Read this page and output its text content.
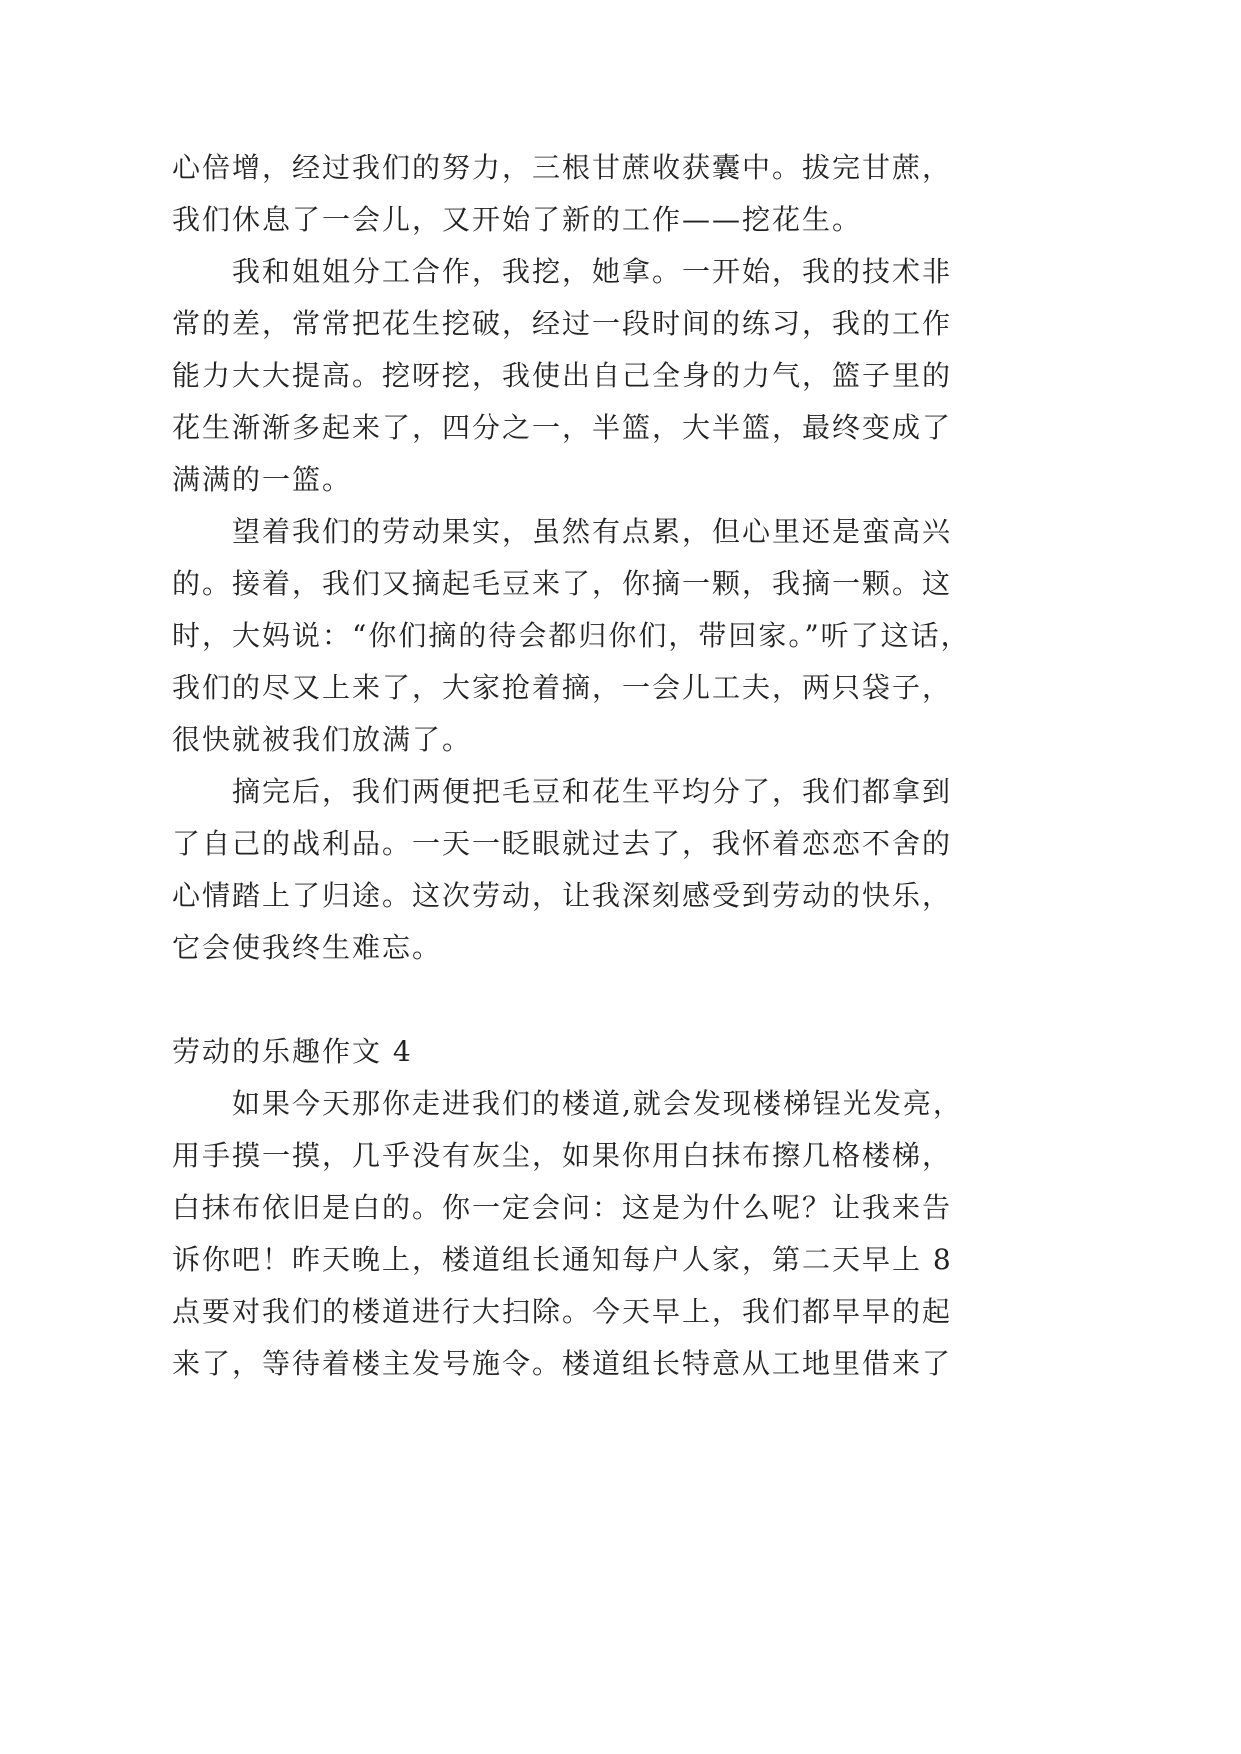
心倍增，经过我们的努力，三根甘蔗收获囊中。拔完甘蔗，
我们休息了一会儿，又开始了新的工作——挖花生。
我和姐姐分工合作，我挖，她拿。一开始，我的技术非
常的差，常常把花生挖破，经过一段时间的练习，我的工作
能力大大提高。挖呀挖，我使出自己全身的力气，篮子里的
花生渐渐多起来了，四分之一，半篮，大半篮，最终变成了
满满的一篮。
望着我们的劳动果实，虽然有点累，但心里还是蛮高兴
的。接着，我们又摘起毛豆来了，你摘一颗，我摘一颗。这
时，大妈说：“你们摘的待会都归你们，带回家。”听了这话，
我们的尽又上来了，大家抢着摘，一会儿工夫，两只袋子，
很快就被我们放满了。
摘完后，我们两便把毛豆和花生平均分了，我们都拿到
了自己的战利品。一天一眨眼就过去了，我怀着恋恋不舍的
心情踏上了归途。这次劳动，让我深刻感受到劳动的快乐，
它会使我终生难忘。
劳动的乐趣作文 4
如果今天那你走进我们的楼道,就会发现楼梯锃光发亮，
用手摸一摸，几乎没有灰尘，如果你用白抹布擦几格楼梯，
白抹布依旧是白的。你一定会问：这是为什么呢？让我来告
诉你吧！昨天晚上，楼道组长通知每户人家，第二天早上 8
点要对我们的楼道进行大扫除。今天早上，我们都早早的起
来了，等待着楼主发号施令。楼道组长特意从工地里借来了
